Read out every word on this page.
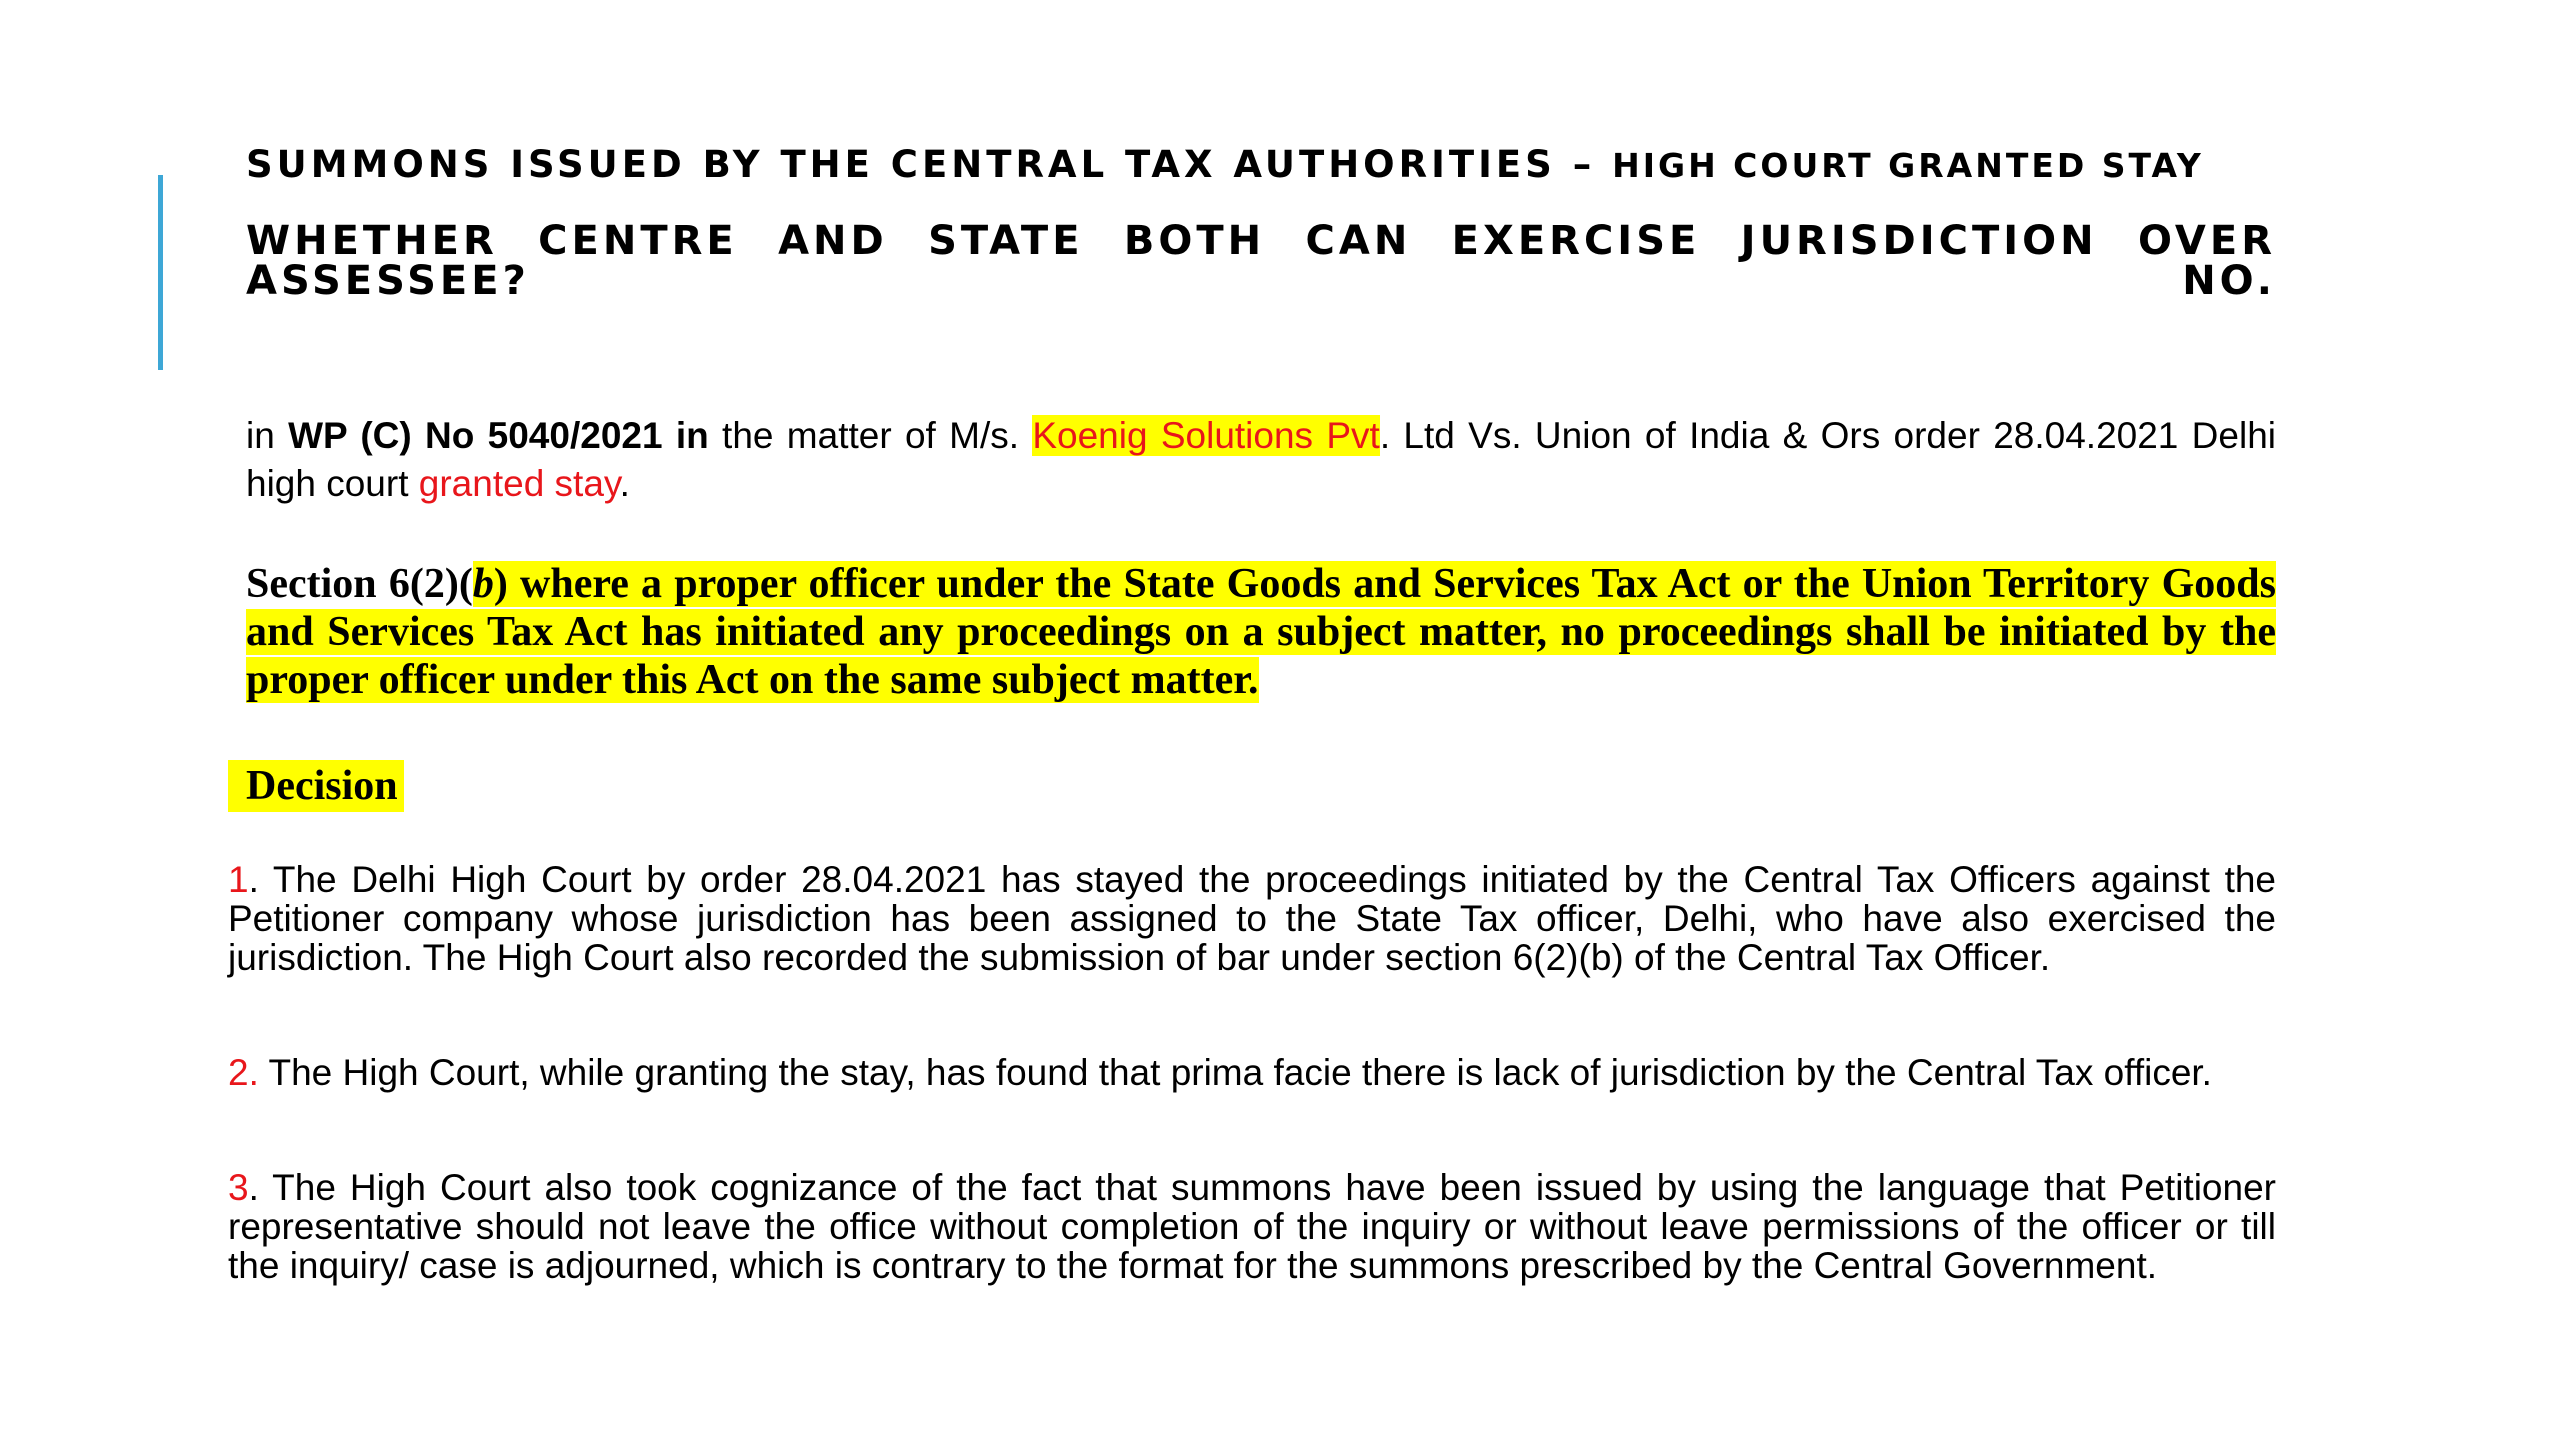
SUMMONS ISSUED BY THE CENTRAL TAX AUTHORITIES – HIGH COURT GRANTED STAY
WHETHER CENTRE AND STATE BOTH CAN EXERCISE JURISDICTION OVER ASSESSEE? NO.
in WP (C) No 5040/2021 in the matter of M/s. Koenig Solutions Pvt. Ltd Vs. Union of India & Ors order 28.04.2021 Delhi high court granted stay.
Section 6(2)(b) where a proper officer under the State Goods and Services Tax Act or the Union Territory Goods and Services Tax Act has initiated any proceedings on a subject matter, no proceedings shall be initiated by the proper officer under this Act on the same subject matter.
Decision
1. The Delhi High Court by order 28.04.2021 has stayed the proceedings initiated by the Central Tax Officers against the Petitioner company whose jurisdiction has been assigned to the State Tax officer, Delhi, who have also exercised the jurisdiction. The High Court also recorded the submission of bar under section 6(2)(b) of the Central Tax Officer.
2. The High Court, while granting the stay, has found that prima facie there is lack of jurisdiction by the Central Tax officer.
3. The High Court also took cognizance of the fact that summons have been issued by using the language that Petitioner representative should not leave the office without completion of the inquiry or without leave permissions of the officer or till the inquiry/ case is adjourned, which is contrary to the format for the summons prescribed by the Central Government.
